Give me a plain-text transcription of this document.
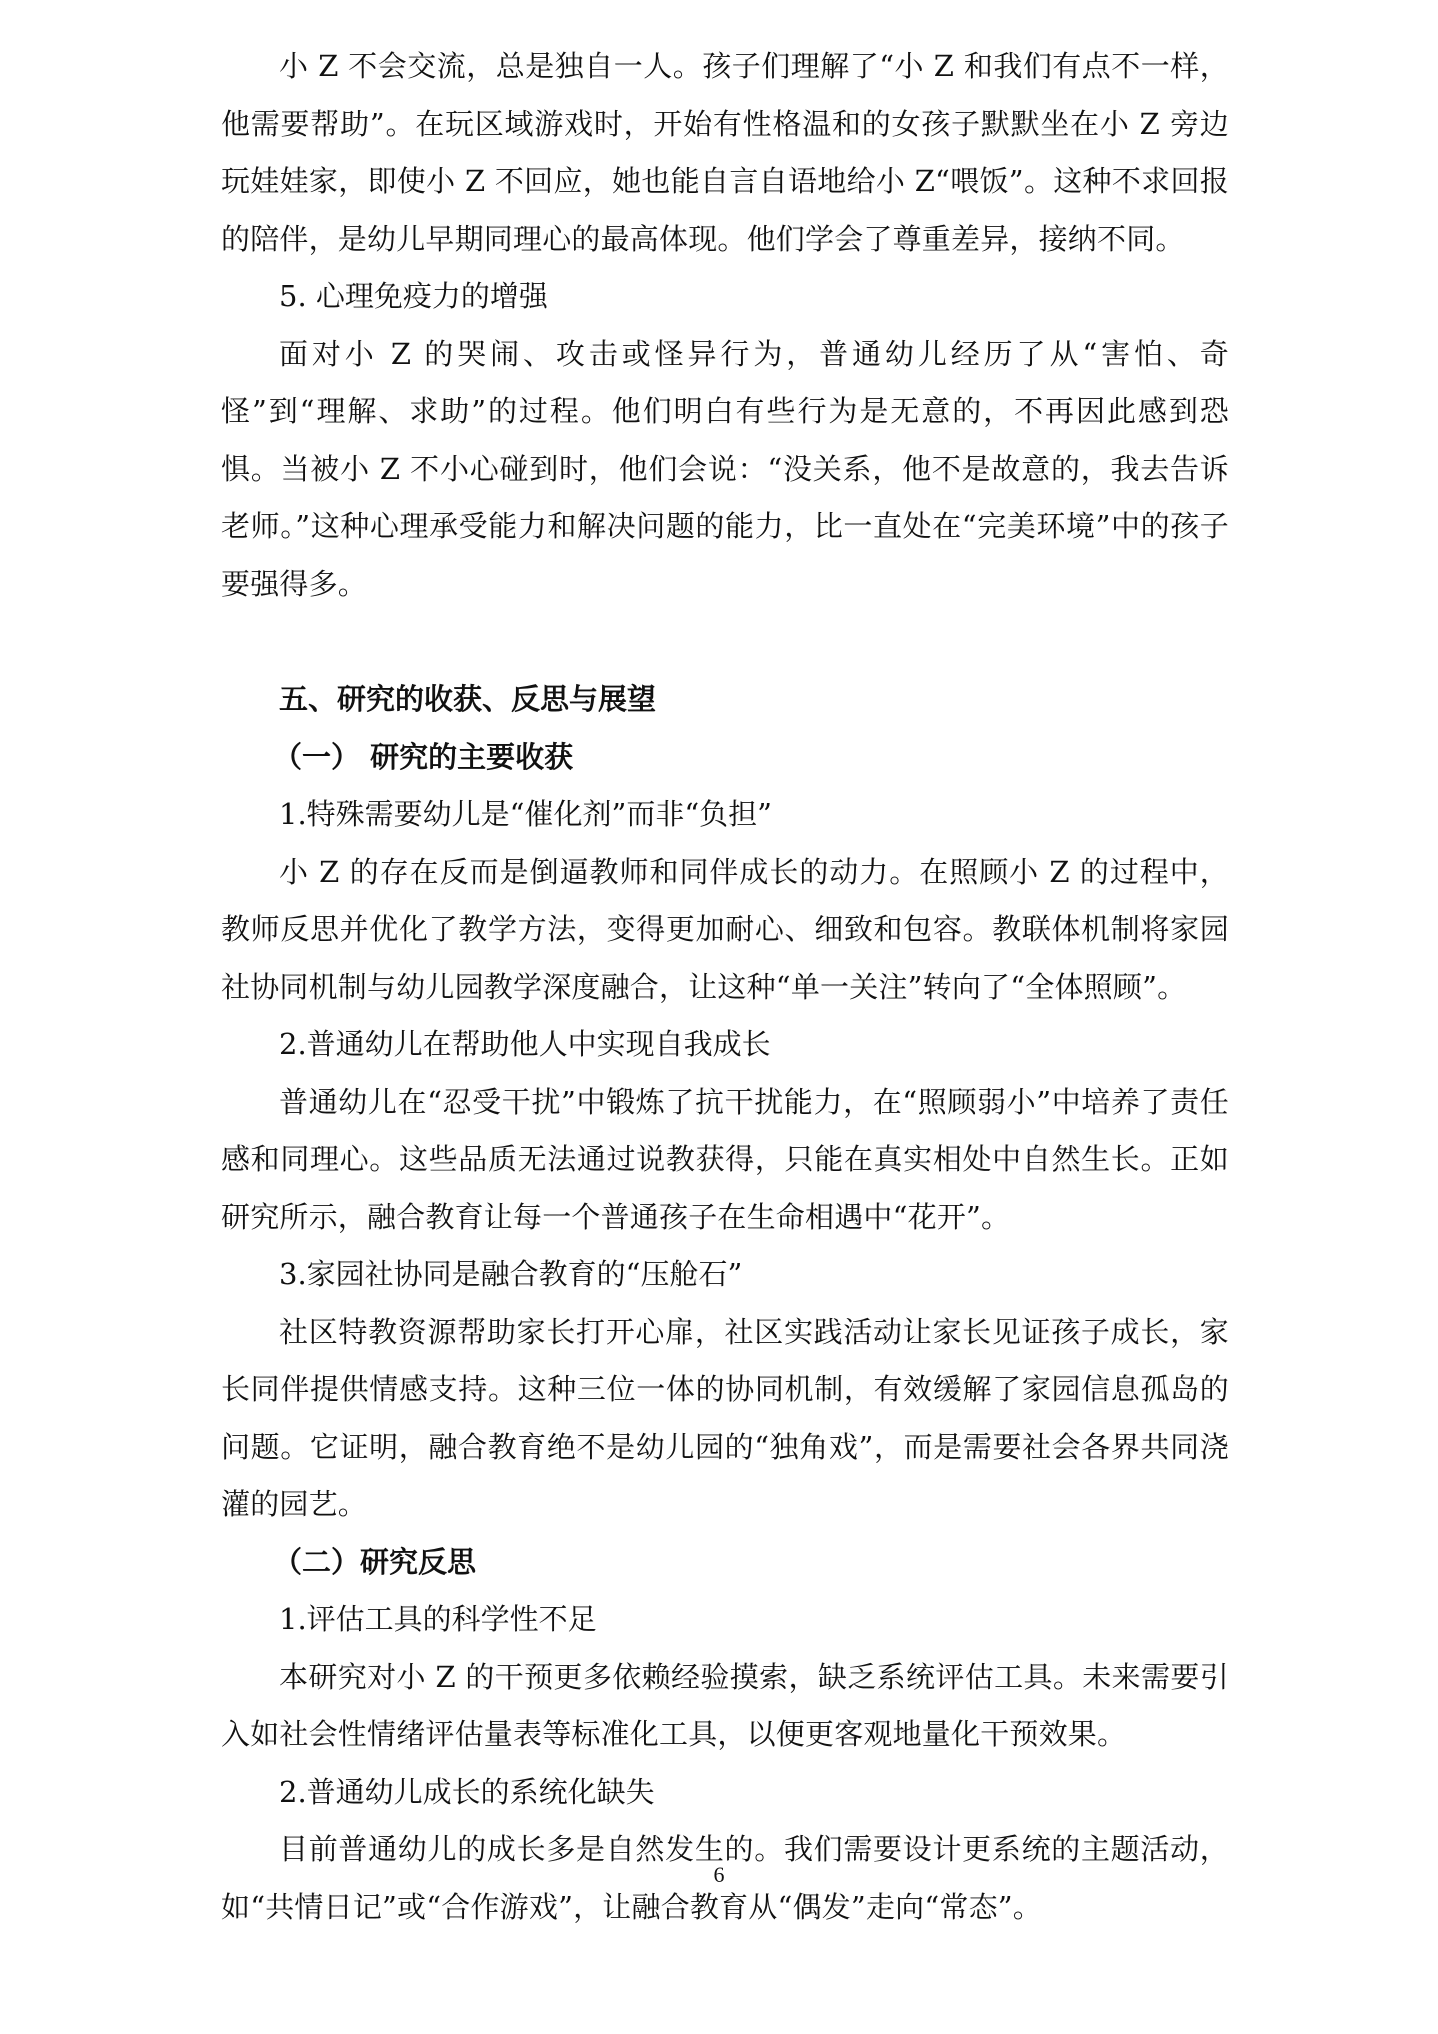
小 Z 不会交流，总是独自一人。孩子们理解了“小 Z 和我们有点不一样，他需要帮助”。在玩区域游戏时，开始有性格温和的女孩子默默坐在小 Z 旁边玩娃娃家，即使小 Z 不回应，她也能自言自语地给小 Z“喂饭”。这种不求回报的陪伴，是幼儿早期同理心的最高体现。他们学会了尊重差异，接纳不同。

5. 心理免疫力的增强

面对小 Z 的哭闹、攻击或怪异行为，普通幼儿经历了从“害怕、奇怪”到“理解、求助”的过程。他们明白有些行为是无意的，不再因此感到恐惧。当被小 Z 不小心碰到时，他们会说：“没关系，他不是故意的，我去告诉老师。”这种心理承受能力和解决问题的能力，比一直处在“完美环境”中的孩子要强得多。

五、研究的收获、反思与展望

（一） 研究的主要收获

1.特殊需要幼儿是“催化剂”而非“负担”

小 Z 的存在反而是倒逼教师和同伴成长的动力。在照顾小 Z 的过程中，教师反思并优化了教学方法，变得更加耐心、细致和包容。教联体机制将家园社协同机制与幼儿园教学深度融合，让这种“单一关注”转向了“全体照顾”。

2.普通幼儿在帮助他人中实现自我成长

普通幼儿在“忍受干扰”中锻炼了抗干扰能力，在“照顾弱小”中培养了责任感和同理心。这些品质无法通过说教获得，只能在真实相处中自然生长。正如研究所示，融合教育让每一个普通孩子在生命相遇中“花开”。

3.家园社协同是融合教育的“压舱石”

社区特教资源帮助家长打开心扉，社区实践活动让家长见证孩子成长，家长同伴提供情感支持。这种三位一体的协同机制，有效缓解了家园信息孤岛的问题。它证明，融合教育绝不是幼儿园的“独角戏”，而是需要社会各界共同浇灌的园艺。

（二）研究反思

1.评估工具的科学性不足

本研究对小 Z 的干预更多依赖经验摸索，缺乏系统评估工具。未来需要引入如社会性情绪评估量表等标准化工具，以便更客观地量化干预效果。

2.普通幼儿成长的系统化缺失

目前普通幼儿的成长多是自然发生的。我们需要设计更系统的主题活动，如“共情日记”或“合作游戏”，让融合教育从“偶发”走向“常态”。

6
